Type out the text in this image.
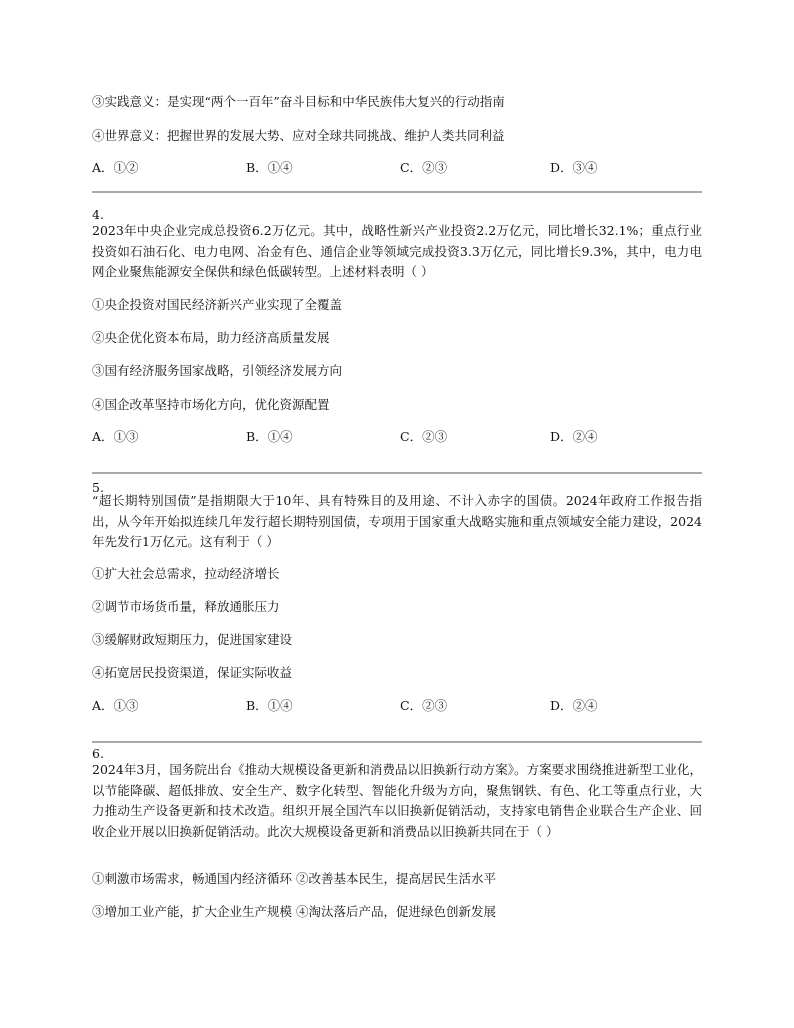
③实践意义：是实现“两个一百年”奋斗目标和中华民族伟大复兴的行动指南
④世界意义：把握世界的发展大势、应对全球共同挑战、维护人类共同利益
A．①②	B．①④	C．②③	D．③④
4.
2023年中央企业完成总投资6.2万亿元。其中，战略性新兴产业投资2.2万亿元，同比增长32.1%；重点行业投资如石油石化、电力电网、冶金有色、通信企业等领域完成投资3.3万亿元，同比增长9.3%，其中，电力电网企业聚焦能源安全保供和绿色低碳转型。上述材料表明（ ）
①央企投资对国民经济新兴产业实现了全覆盖
②央企优化资本布局，助力经济高质量发展
③国有经济服务国家战略，引领经济发展方向
④国企改革坚持市场化方向，优化资源配置
A．①③	B．①④	C．②③	D．②④
5.
“超长期特别国债”是指期限大于10年、具有特殊目的及用途、不计入赤字的国债。2024年政府工作报告指出，从今年开始拟连续几年发行超长期特别国债，专项用于国家重大战略实施和重点领域安全能力建设，2024年先发行1万亿元。这有利于（ ）
①扩大社会总需求，拉动经济增长
②调节市场货币量，释放通胀压力
③缓解财政短期压力，促进国家建设
④拓宽居民投资渠道，保证实际收益
A．①③	B．①④	C．②③	D．②④
6.
2024年3月，国务院出台《推动大规模设备更新和消费品以旧换新行动方案》。方案要求围绕推进新型工业化，以节能降碳、超低排放、安全生产、数字化转型、智能化升级为方向，聚焦钢铁、有色、化工等重点行业，大力推动生产设备更新和技术改造。组织开展全国汽车以旧换新促销活动，支持家电销售企业联合生产企业、回收企业开展以旧换新促销活动。此次大规模设备更新和消费品以旧换新共同在于（ ）
①刺激市场需求，畅通国内经济循环 ②改善基本民生，提高居民生活水平
③增加工业产能，扩大企业生产规模 ④淘汰落后产品，促进绿色创新发展
